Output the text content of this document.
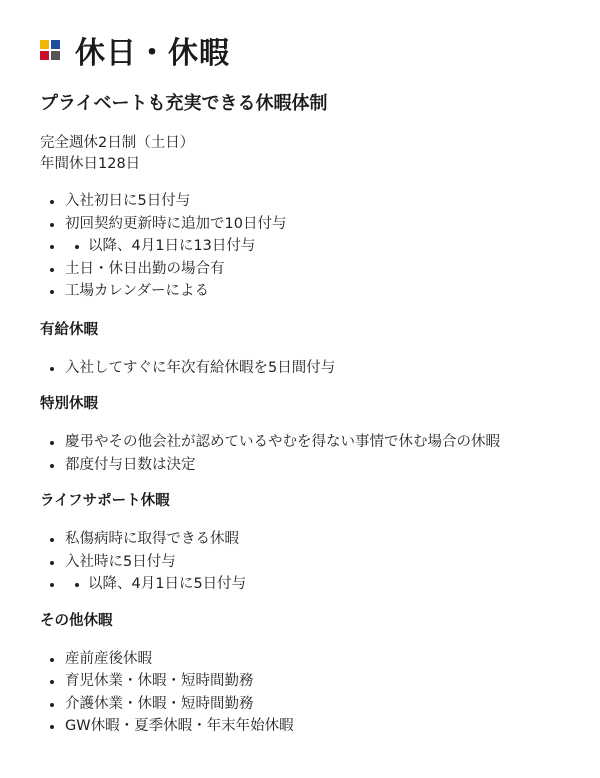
休日・休暇
プライベートも充実できる休暇体制
完全週休2日制（土日）
年間休日128日
入社初日に5日付与
初回契約更新時に追加で10日付与
以降、4月1日に13日付与
土日・休日出勤の場合有
工場カレンダーによる
有給休暇
入社してすぐに年次有給休暇を5日間付与
特別休暇
慶弔やその他会社が認めているやむを得ない事情で休む場合の休暇
都度付与日数は決定
ライフサポート休暇
私傷病時に取得できる休暇
入社時に5日付与
以降、4月1日に5日付与
その他休暇
産前産後休暇
育児休業・休暇・短時間勤務
介護休業・休暇・短時間勤務
GW休暇・夏季休暇・年末年始休暇
